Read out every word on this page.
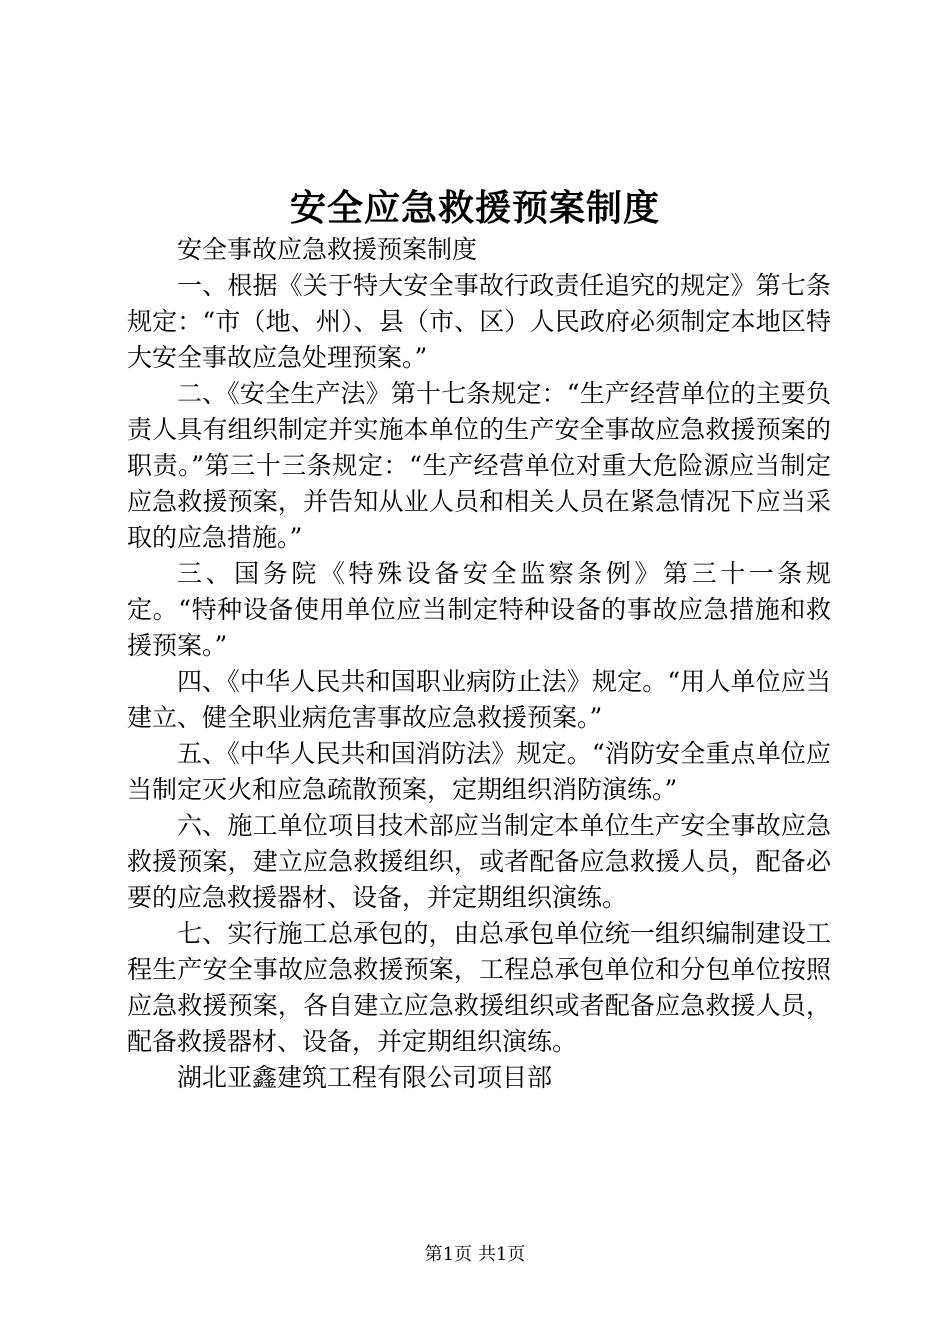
安全应急救援预案制度

安全事故应急救援预案制度

一、根据《关于特大安全事故行政责任追究的规定》第七条规定：“市（地、州）、县（市、区）人民政府必须制定本地区特大安全事故应急处理预案。”

二、《安全生产法》第十七条规定：“生产经营单位的主要负责人具有组织制定并实施本单位的生产安全事故应急救援预案的职责。”第三十三条规定：“生产经营单位对重大危险源应当制定应急救援预案，并告知从业人员和相关人员在紧急情况下应当采取的应急措施。”

三、国务院《特殊设备安全监察条例》第三十一条规定。“特种设备使用单位应当制定特种设备的事故应急措施和救援预案。”

四、《中华人民共和国职业病防止法》规定。“用人单位应当建立、健全职业病危害事故应急救援预案。”

五、《中华人民共和国消防法》规定。“消防安全重点单位应当制定灭火和应急疏散预案，定期组织消防演练。”

六、施工单位项目技术部应当制定本单位生产安全事故应急救援预案，建立应急救援组织，或者配备应急救援人员，配备必要的应急救援器材、设备，并定期组织演练。

七、实行施工总承包的，由总承包单位统一组织编制建设工程生产安全事故应急救援预案，工程总承包单位和分包单位按照应急救援预案，各自建立应急救援组织或者配备应急救援人员，配备救援器材、设备，并定期组织演练。

湖北亚鑫建筑工程有限公司项目部

第1页 共1页
